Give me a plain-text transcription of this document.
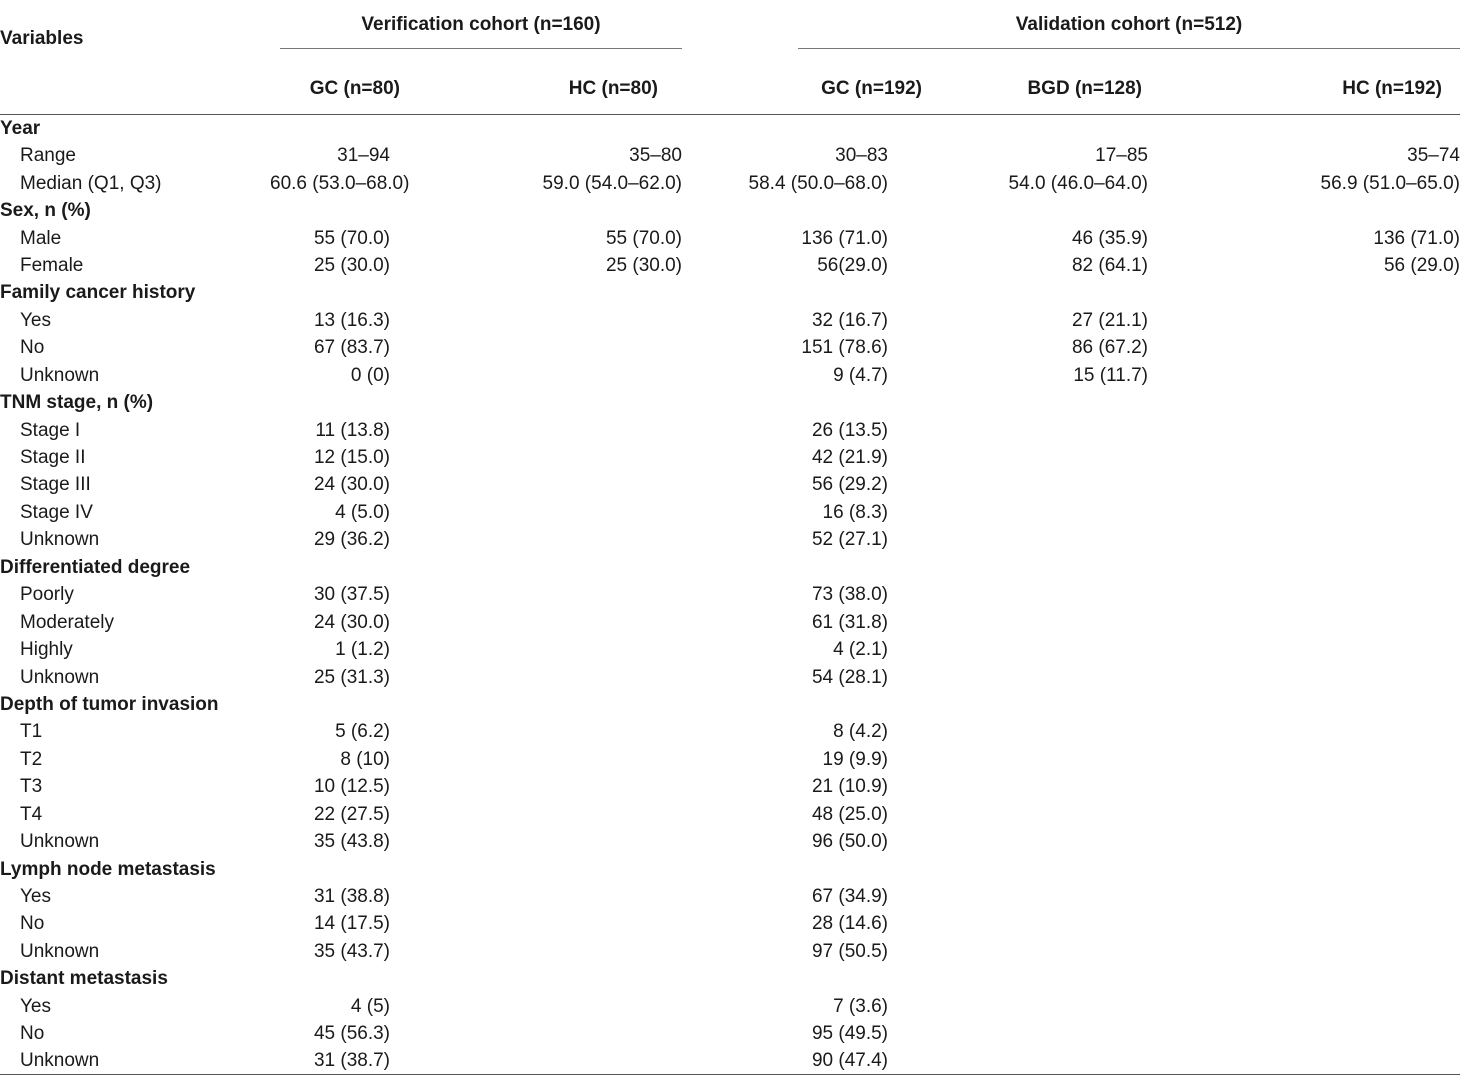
Variables	Verification cohort (n=160)		Validation cohort (n=512)		

	GC (n=80)	HC (n=80)	GC (n=192)	BGD (n=128)	HC (n=192)
Year					
Range	31–94	35–80	30–83	17–85	35–74
Median (Q1, Q3)	60.6 (53.0–68.0)	59.0 (54.0–62.0)	58.4 (50.0–68.0)	54.0 (46.0–64.0)	56.9 (51.0–65.0)
Sex, n (%)					
Male	55 (70.0)	55 (70.0)	136 (71.0)	46 (35.9)	136 (71.0)
Female	25 (30.0)	25 (30.0)	56(29.0)	82 (64.1)	56 (29.0)
Family cancer history					
Yes	13 (16.3)		32 (16.7)	27 (21.1)	
No	67 (83.7)		151 (78.6)	86 (67.2)	
Unknown	0 (0)		9 (4.7)	15 (11.7)	
TNM stage, n (%)					
Stage I	11 (13.8)		26 (13.5)		
Stage II	12 (15.0)		42 (21.9)		
Stage III	24 (30.0)		56 (29.2)		
Stage IV	4 (5.0)		16 (8.3)		
Unknown	29 (36.2)		52 (27.1)		
Differentiated degree					
Poorly	30 (37.5)		73 (38.0)		
Moderately	24 (30.0)		61 (31.8)		
Highly	1 (1.2)		4 (2.1)		
Unknown	25 (31.3)		54 (28.1)		
Depth of tumor invasion					
T1	5 (6.2)		8 (4.2)		
T2	8 (10)		19 (9.9)		
T3	10 (12.5)		21 (10.9)		
T4	22 (27.5)		48 (25.0)		
Unknown	35 (43.8)		96 (50.0)		
Lymph node metastasis					
Yes	31 (38.8)		67 (34.9)		
No	14 (17.5)		28 (14.6)		
Unknown	35 (43.7)		97 (50.5)		
Distant metastasis					
Yes	4 (5)		7 (3.6)		
No	45 (56.3)		95 (49.5)		
Unknown	31 (38.7)		90 (47.4)		
